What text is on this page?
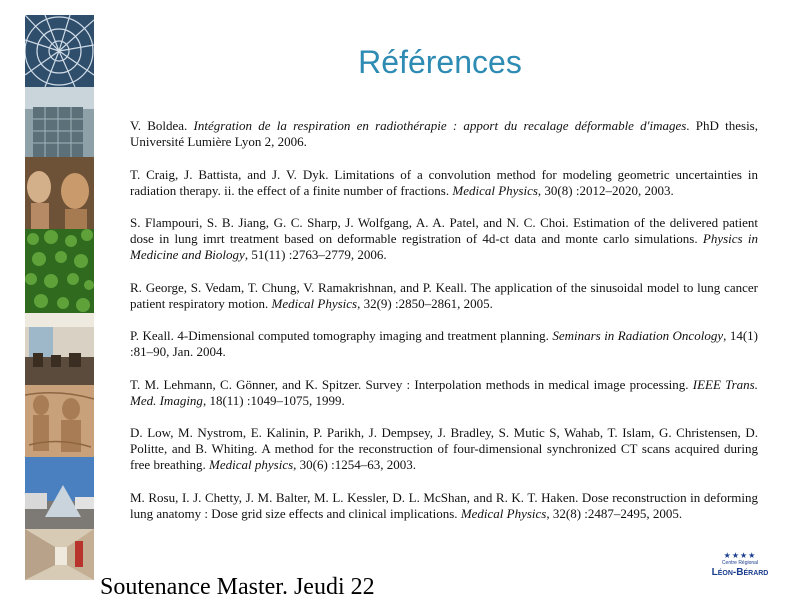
Références

V. Boldea. Intégration de la respiration en radiothérapie : apport du recalage déformable d'images. PhD thesis, Université Lumière Lyon 2, 2006.

T. Craig, J. Battista, and J. V. Dyk. Limitations of a convolution method for modeling geometric uncertainties in radiation therapy. ii. the effect of a finite number of fractions. Medical Physics, 30(8) :2012–2020, 2003.

S. Flampouri, S. B. Jiang, G. C. Sharp, J. Wolfgang, A. A. Patel, and N. C. Choi. Estimation of the delivered patient dose in lung imrt treatment based on deformable registration of 4d-ct data and monte carlo simulations. Physics in Medicine and Biology, 51(11) :2763–2779, 2006.

R. George, S. Vedam, T. Chung, V. Ramakrishnan, and P. Keall. The application of the sinusoidal model to lung cancer patient respiratory motion. Medical Physics, 32(9) :2850–2861, 2005.

P. Keall. 4-Dimensional computed tomography imaging and treatment planning. Seminars in Radiation Oncology, 14(1) :81–90, Jan. 2004.

T. M. Lehmann, C. Gönner, and K. Spitzer. Survey : Interpolation methods in medical image processing. IEEE Trans. Med. Imaging, 18(11) :1049–1075, 1999.

D. Low, M. Nystrom, E. Kalinin, P. Parikh, J. Dempsey, J. Bradley, S. Mutic S, Wahab, T. Islam, G. Christensen, D. Politte, and B. Whiting. A method for the reconstruction of four-dimensional synchronized CT scans acquired during free breathing. Medical physics, 30(6) :1254–63, 2003.

M. Rosu, I. J. Chetty, J. M. Balter, M. L. Kessler, D. L. McShan, and R. K. T. Haken. Dose reconstruction in deforming lung anatomy : Dose grid size effects and clinical implications. Medical Physics, 32(8) :2487–2495, 2005.

Soutenance Master. Jeudi 22
★★★★
Centre Régional
Léon-Bérard
